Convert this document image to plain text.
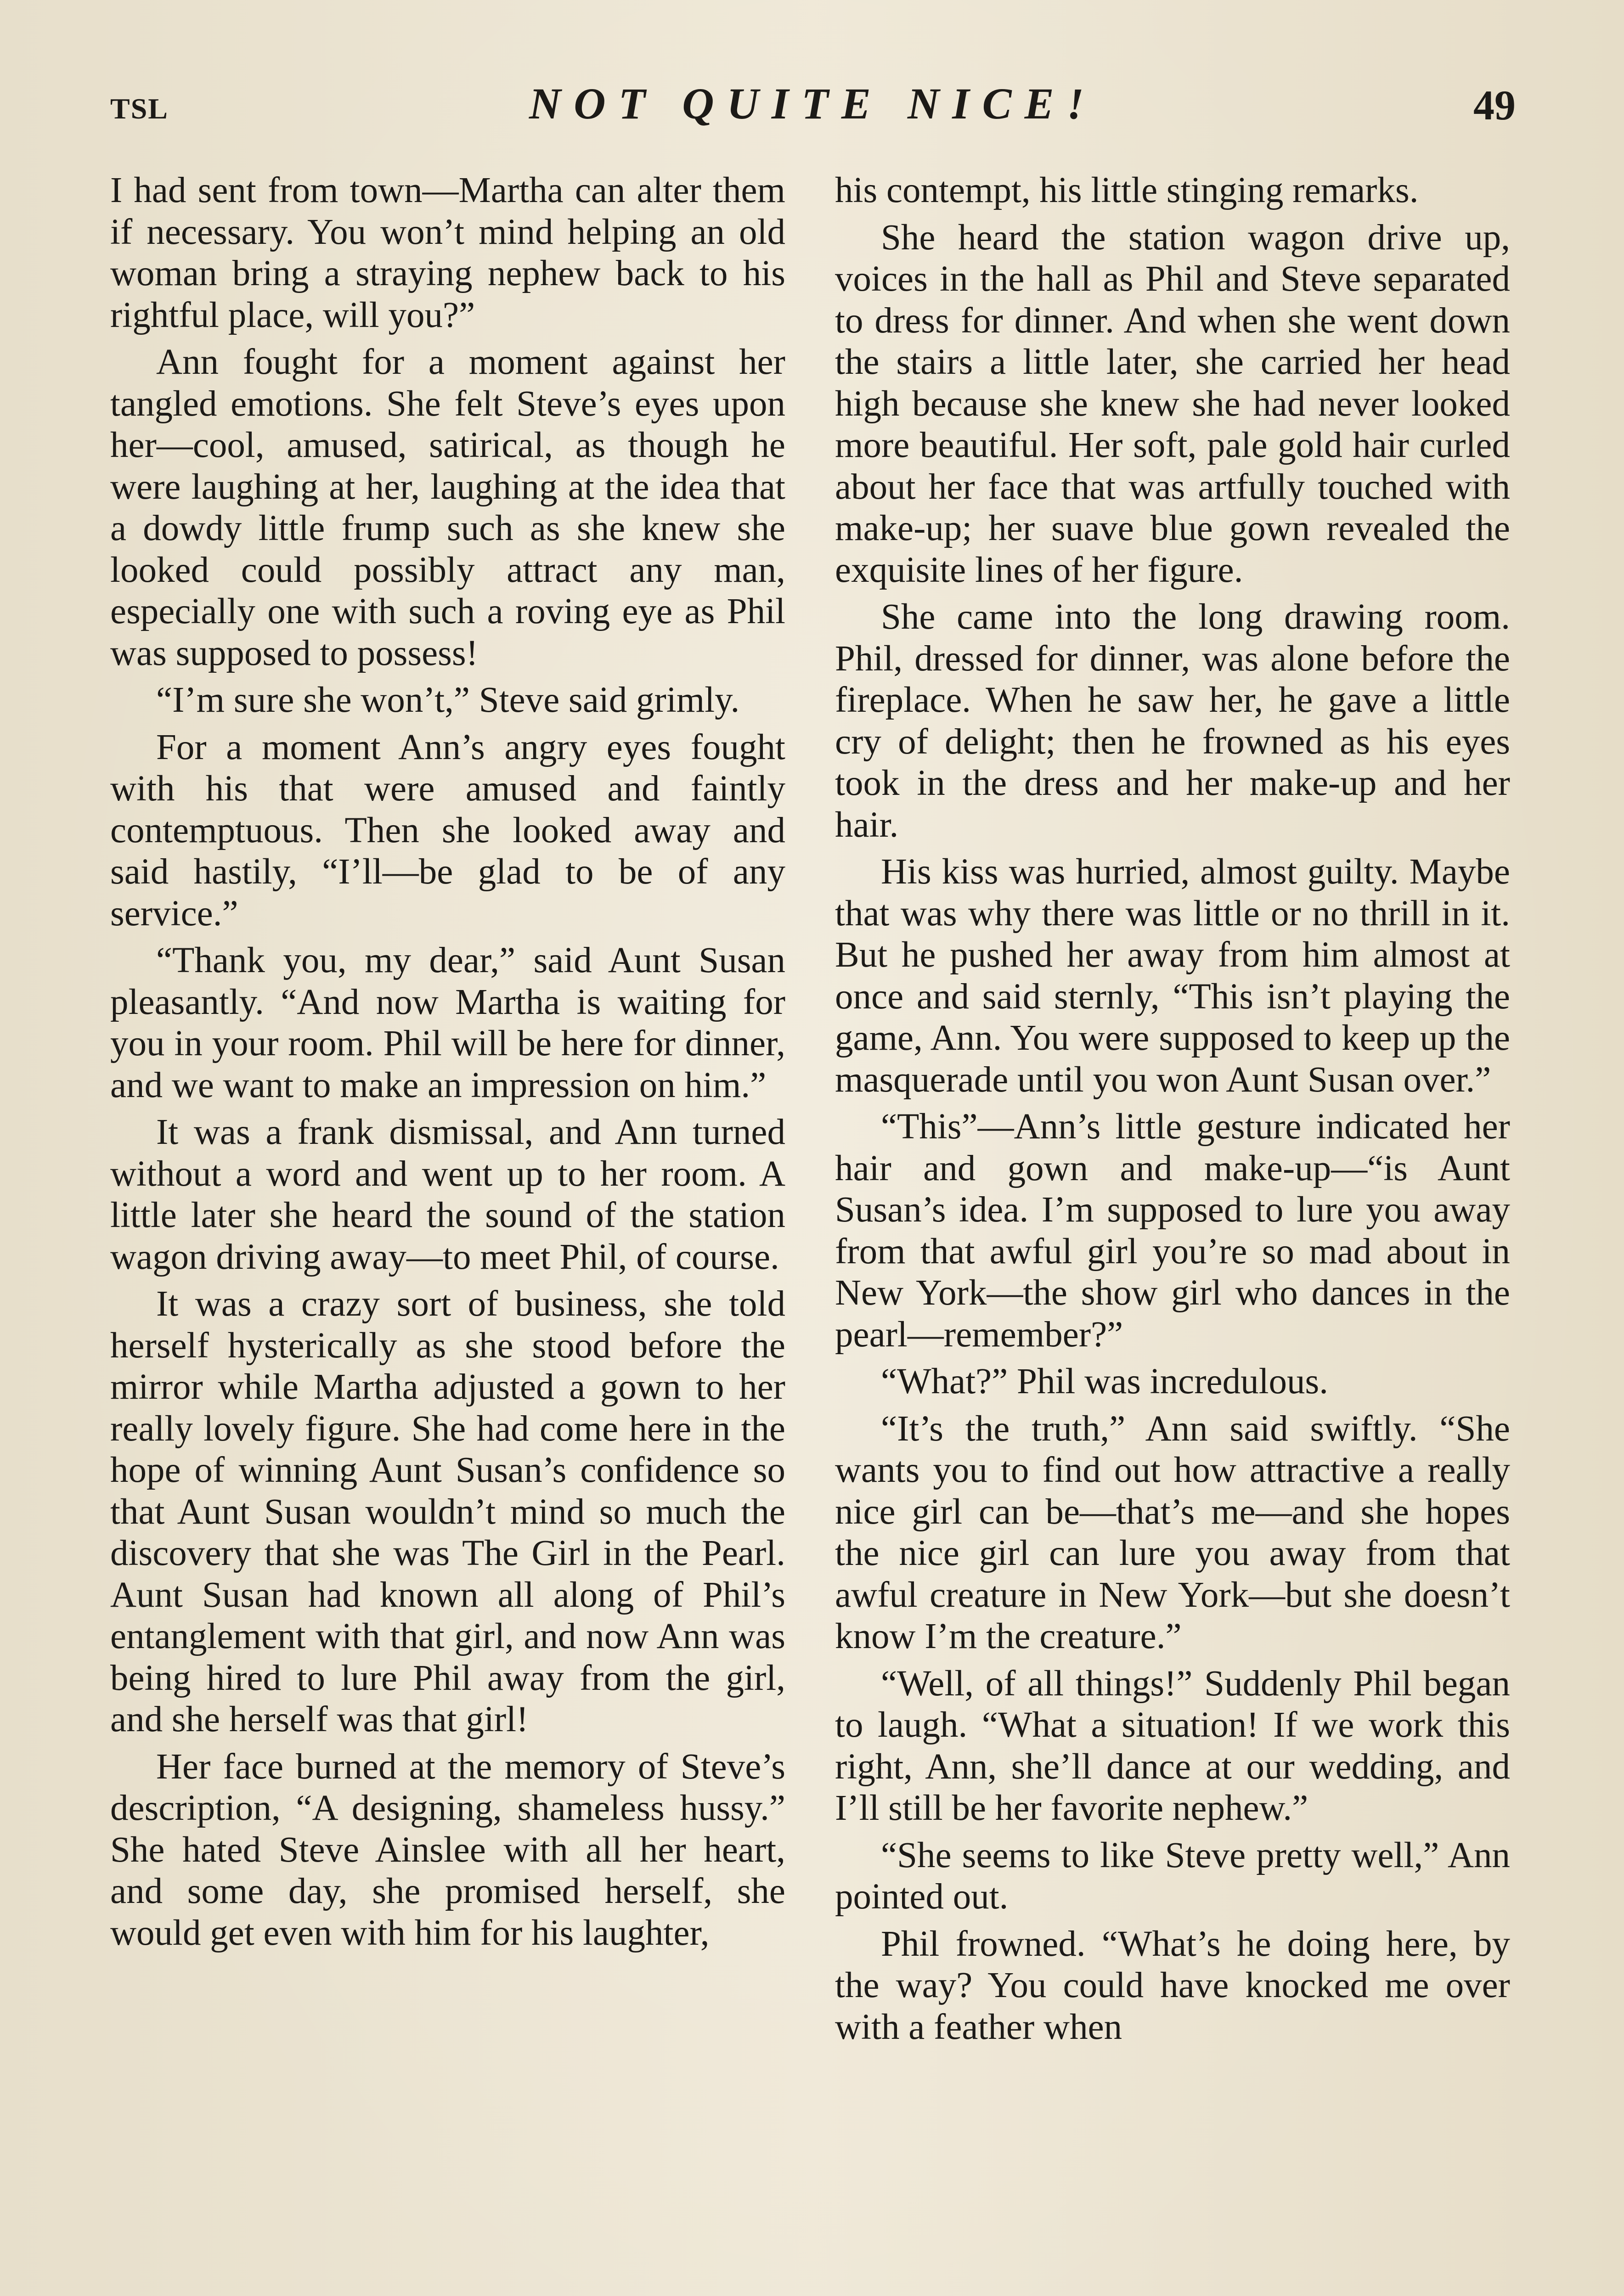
TSL	NOT QUITE NICE!	49

I had sent from town—Martha can alter them if necessary. You won’t mind helping an old woman bring a straying nephew back to his rightful place, will you?”

Ann fought for a moment against her tangled emotions. She felt Steve’s eyes upon her—cool, amused, satirical, as though he were laughing at her, laughing at the idea that a dowdy little frump such as she knew she looked could possibly attract any man, especially one with such a roving eye as Phil was supposed to possess!

“I’m sure she won’t,” Steve said grimly.

For a moment Ann’s angry eyes fought with his that were amused and faintly contemptuous. Then she looked away and said hastily, “I’ll—be glad to be of any service.”

“Thank you, my dear,” said Aunt Susan pleasantly. “And now Martha is waiting for you in your room. Phil will be here for dinner, and we want to make an impression on him.”

It was a frank dismissal, and Ann turned without a word and went up to her room. A little later she heard the sound of the station wagon driving away—to meet Phil, of course.

It was a crazy sort of business, she told herself hysterically as she stood before the mirror while Martha adjusted a gown to her really lovely figure. She had come here in the hope of winning Aunt Susan’s confidence so that Aunt Susan wouldn’t mind so much the discovery that she was The Girl in the Pearl. Aunt Susan had known all along of Phil’s entanglement with that girl, and now Ann was being hired to lure Phil away from the girl, and she herself was that girl!

Her face burned at the memory of Steve’s description, “A designing, shameless hussy.” She hated Steve Ainslee with all her heart, and some day, she promised herself, she would get even with him for his laughter,

his contempt, his little stinging remarks.

She heard the station wagon drive up, voices in the hall as Phil and Steve separated to dress for dinner. And when she went down the stairs a little later, she carried her head high because she knew she had never looked more beautiful. Her soft, pale gold hair curled about her face that was artfully touched with make-up; her suave blue gown revealed the exquisite lines of her figure.

She came into the long drawing room. Phil, dressed for dinner, was alone before the fireplace. When he saw her, he gave a little cry of delight; then he frowned as his eyes took in the dress and her make-up and her hair.

His kiss was hurried, almost guilty. Maybe that was why there was little or no thrill in it. But he pushed her away from him almost at once and said sternly, “This isn’t playing the game, Ann. You were supposed to keep up the masquerade until you won Aunt Susan over.”

“This”—Ann’s little gesture indicated her hair and gown and make-up—“is Aunt Susan’s idea. I’m supposed to lure you away from that awful girl you’re so mad about in New York—the show girl who dances in the pearl—remember?”

“What?” Phil was incredulous.

“It’s the truth,” Ann said swiftly. “She wants you to find out how attractive a really nice girl can be—that’s me—and she hopes the nice girl can lure you away from that awful creature in New York—but she doesn’t know I’m the creature.”

“Well, of all things!” Suddenly Phil began to laugh. “What a situation! If we work this right, Ann, she’ll dance at our wedding, and I’ll still be her favorite nephew.”

“She seems to like Steve pretty well,” Ann pointed out.

Phil frowned. “What’s he doing here, by the way? You could have knocked me over with a feather when
